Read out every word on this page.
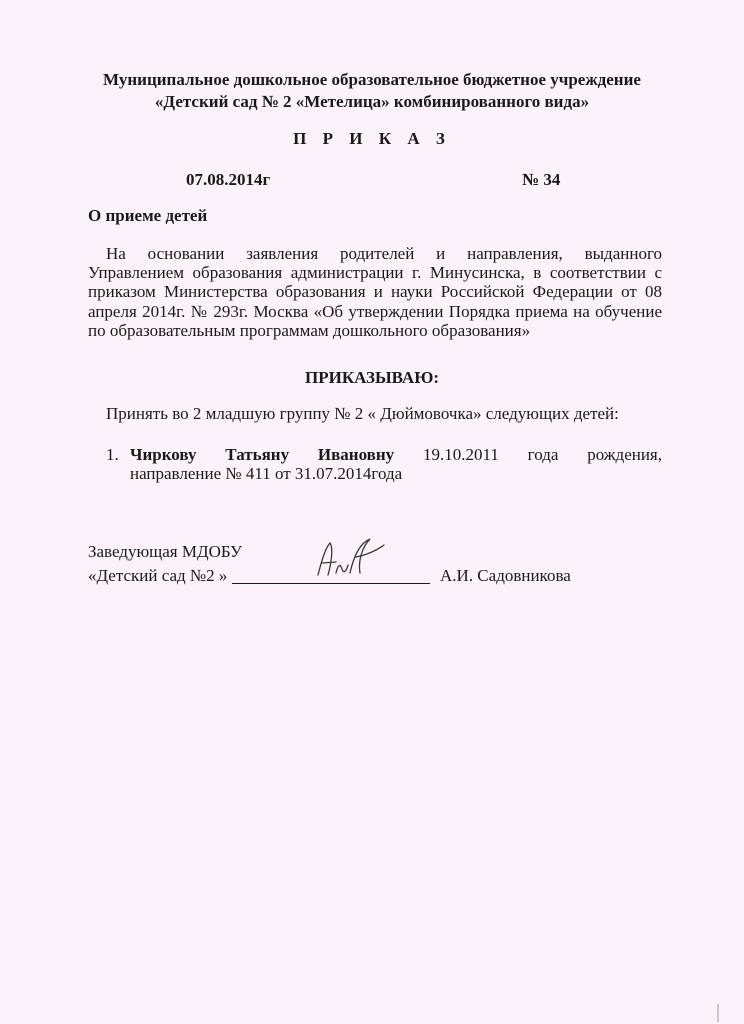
Муниципальное дошкольное образовательное бюджетное учреждение
«Детский сад № 2 «Метелица» комбинированного вида»
П Р И К А З
07.08.2014г	№ 34
О приеме детей
На основании заявления родителей и направления, выданного
Управлением образования администрации г. Минусинска, в соответствии с
приказом Министерства образования и науки Российской Федерации от 08
апреля 2014г. № 293г. Москва «Об утверждении Порядка приема на обучение
по образовательным программам дошкольного образования»
ПРИКАЗЫВАЮ:
Принять во 2 младшую группу № 2 « Дюймовочка» следующих детей:
1. Чиркову Татьяну Ивановну 19.10.2011 года рождения,
направление № 411 от 31.07.2014года
Заведующая МДОБУ
«Детский сад №2 »	А.И. Садовникова
